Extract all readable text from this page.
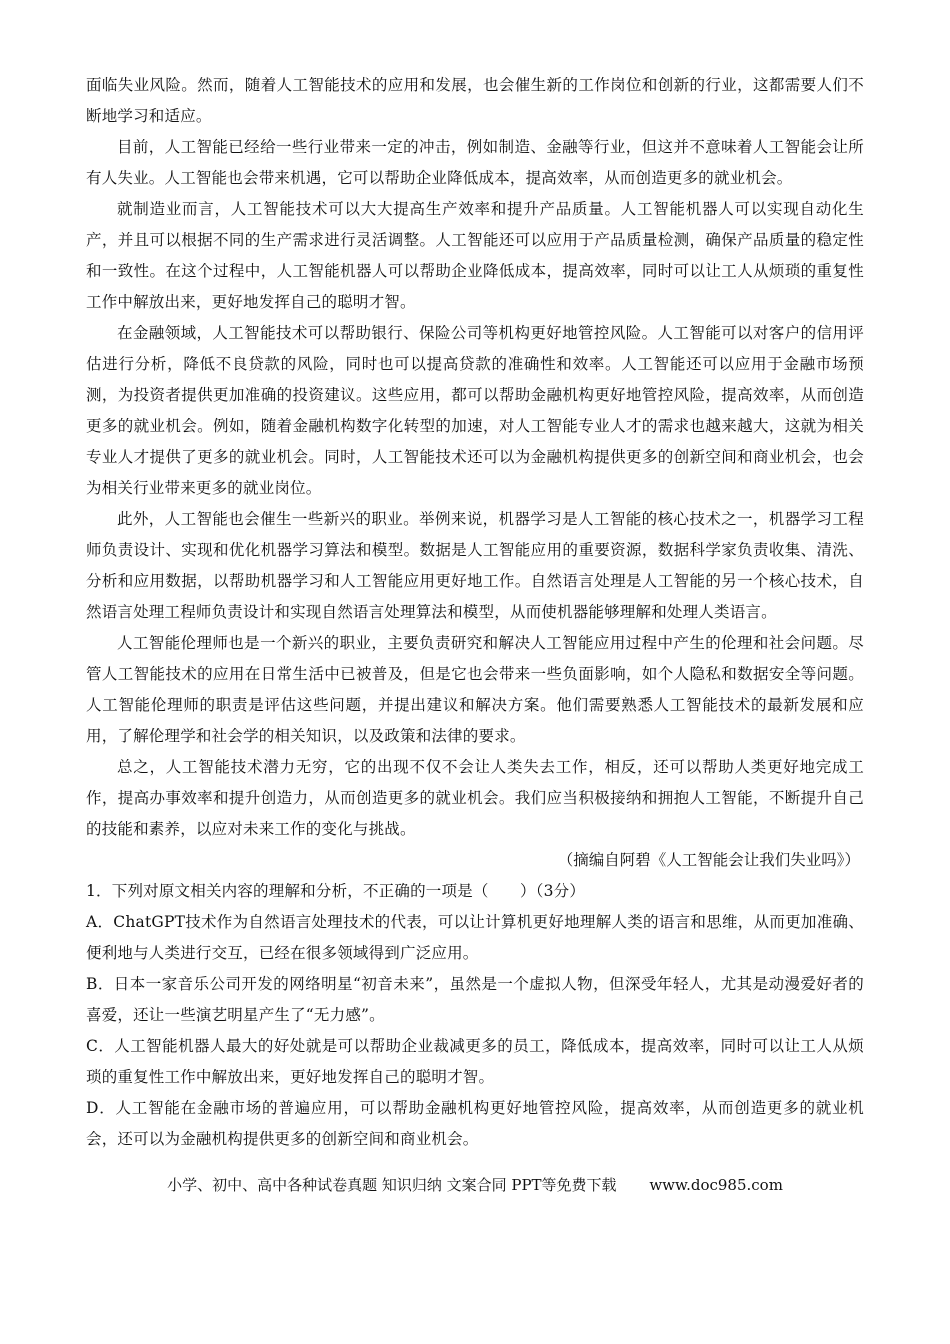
面临失业风险。然而，随着人工智能技术的应用和发展，也会催生新的工作岗位和创新的行业，这都需要人们不断地学习和适应。

目前，人工智能已经给一些行业带来一定的冲击，例如制造、金融等行业，但这并不意味着人工智能会让所有人失业。人工智能也会带来机遇，它可以帮助企业降低成本，提高效率，从而创造更多的就业机会。

就制造业而言，人工智能技术可以大大提高生产效率和提升产品质量。人工智能机器人可以实现自动化生产，并且可以根据不同的生产需求进行灵活调整。人工智能还可以应用于产品质量检测，确保产品质量的稳定性和一致性。在这个过程中，人工智能机器人可以帮助企业降低成本，提高效率，同时可以让工人从烦琐的重复性工作中解放出来，更好地发挥自己的聪明才智。

在金融领域，人工智能技术可以帮助银行、保险公司等机构更好地管控风险。人工智能可以对客户的信用评估进行分析，降低不良贷款的风险，同时也可以提高贷款的准确性和效率。人工智能还可以应用于金融市场预测，为投资者提供更加准确的投资建议。这些应用，都可以帮助金融机构更好地管控风险，提高效率，从而创造更多的就业机会。例如，随着金融机构数字化转型的加速，对人工智能专业人才的需求也越来越大，这就为相关专业人才提供了更多的就业机会。同时，人工智能技术还可以为金融机构提供更多的创新空间和商业机会，也会为相关行业带来更多的就业岗位。

此外，人工智能也会催生一些新兴的职业。举例来说，机器学习是人工智能的核心技术之一，机器学习工程师负责设计、实现和优化机器学习算法和模型。数据是人工智能应用的重要资源，数据科学家负责收集、清洗、分析和应用数据，以帮助机器学习和人工智能应用更好地工作。自然语言处理是人工智能的另一个核心技术，自然语言处理工程师负责设计和实现自然语言处理算法和模型，从而使机器能够理解和处理人类语言。

人工智能伦理师也是一个新兴的职业，主要负责研究和解决人工智能应用过程中产生的伦理和社会问题。尽管人工智能技术的应用在日常生活中已被普及，但是它也会带来一些负面影响，如个人隐私和数据安全等问题。人工智能伦理师的职责是评估这些问题，并提出建议和解决方案。他们需要熟悉人工智能技术的最新发展和应用，了解伦理学和社会学的相关知识，以及政策和法律的要求。

总之，人工智能技术潜力无穷，它的出现不仅不会让人类失去工作，相反，还可以帮助人类更好地完成工作，提高办事效率和提升创造力，从而创造更多的就业机会。我们应当积极接纳和拥抱人工智能，不断提升自己的技能和素养，以应对未来工作的变化与挑战。

（摘编自阿碧《人工智能会让我们失业吗》）

1．下列对原文相关内容的理解和分析，不正确的一项是（　　）（3分）

A．ChatGPT技术作为自然语言处理技术的代表，可以让计算机更好地理解人类的语言和思维，从而更加准确、便利地与人类进行交互，已经在很多领域得到广泛应用。

B．日本一家音乐公司开发的网络明星“初音未来”，虽然是一个虚拟人物，但深受年轻人，尤其是动漫爱好者的喜爱，还让一些演艺明星产生了“无力感”。

C．人工智能机器人最大的好处就是可以帮助企业裁减更多的员工，降低成本，提高效率，同时可以让工人从烦琐的重复性工作中解放出来，更好地发挥自己的聪明才智。

D．人工智能在金融市场的普遍应用，可以帮助金融机构更好地管控风险，提高效率，从而创造更多的就业机会，还可以为金融机构提供更多的创新空间和商业机会。

小学、初中、高中各种试卷真题 知识归纳 文案合同 PPT等免费下载 www.doc985.com
